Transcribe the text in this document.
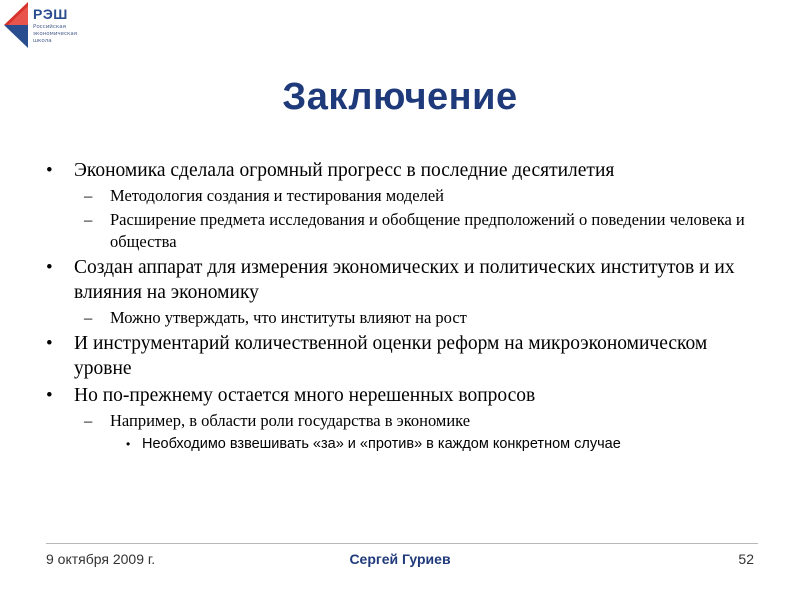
РЭШ
Российская
экономическая
школа
Заключение
• Экономика сделала огромный прогресс в последние десятилетия
– Методология создания и тестирования моделей
– Расширение предмета исследования и обобщение предположений о поведении человека и общества
• Создан аппарат для измерения экономических и политических институтов и их влияния на экономику
– Можно утверждать, что институты влияют на рост
• И инструментарий количественной оценки реформ на микроэкономическом уровне
• Но по-прежнему остается много нерешенных вопросов
– Например, в области роли государства в экономике
• Необходимо взвешивать «за» и «против» в каждом конкретном случае
9 октября 2009 г.	Сергей Гуриев	52
